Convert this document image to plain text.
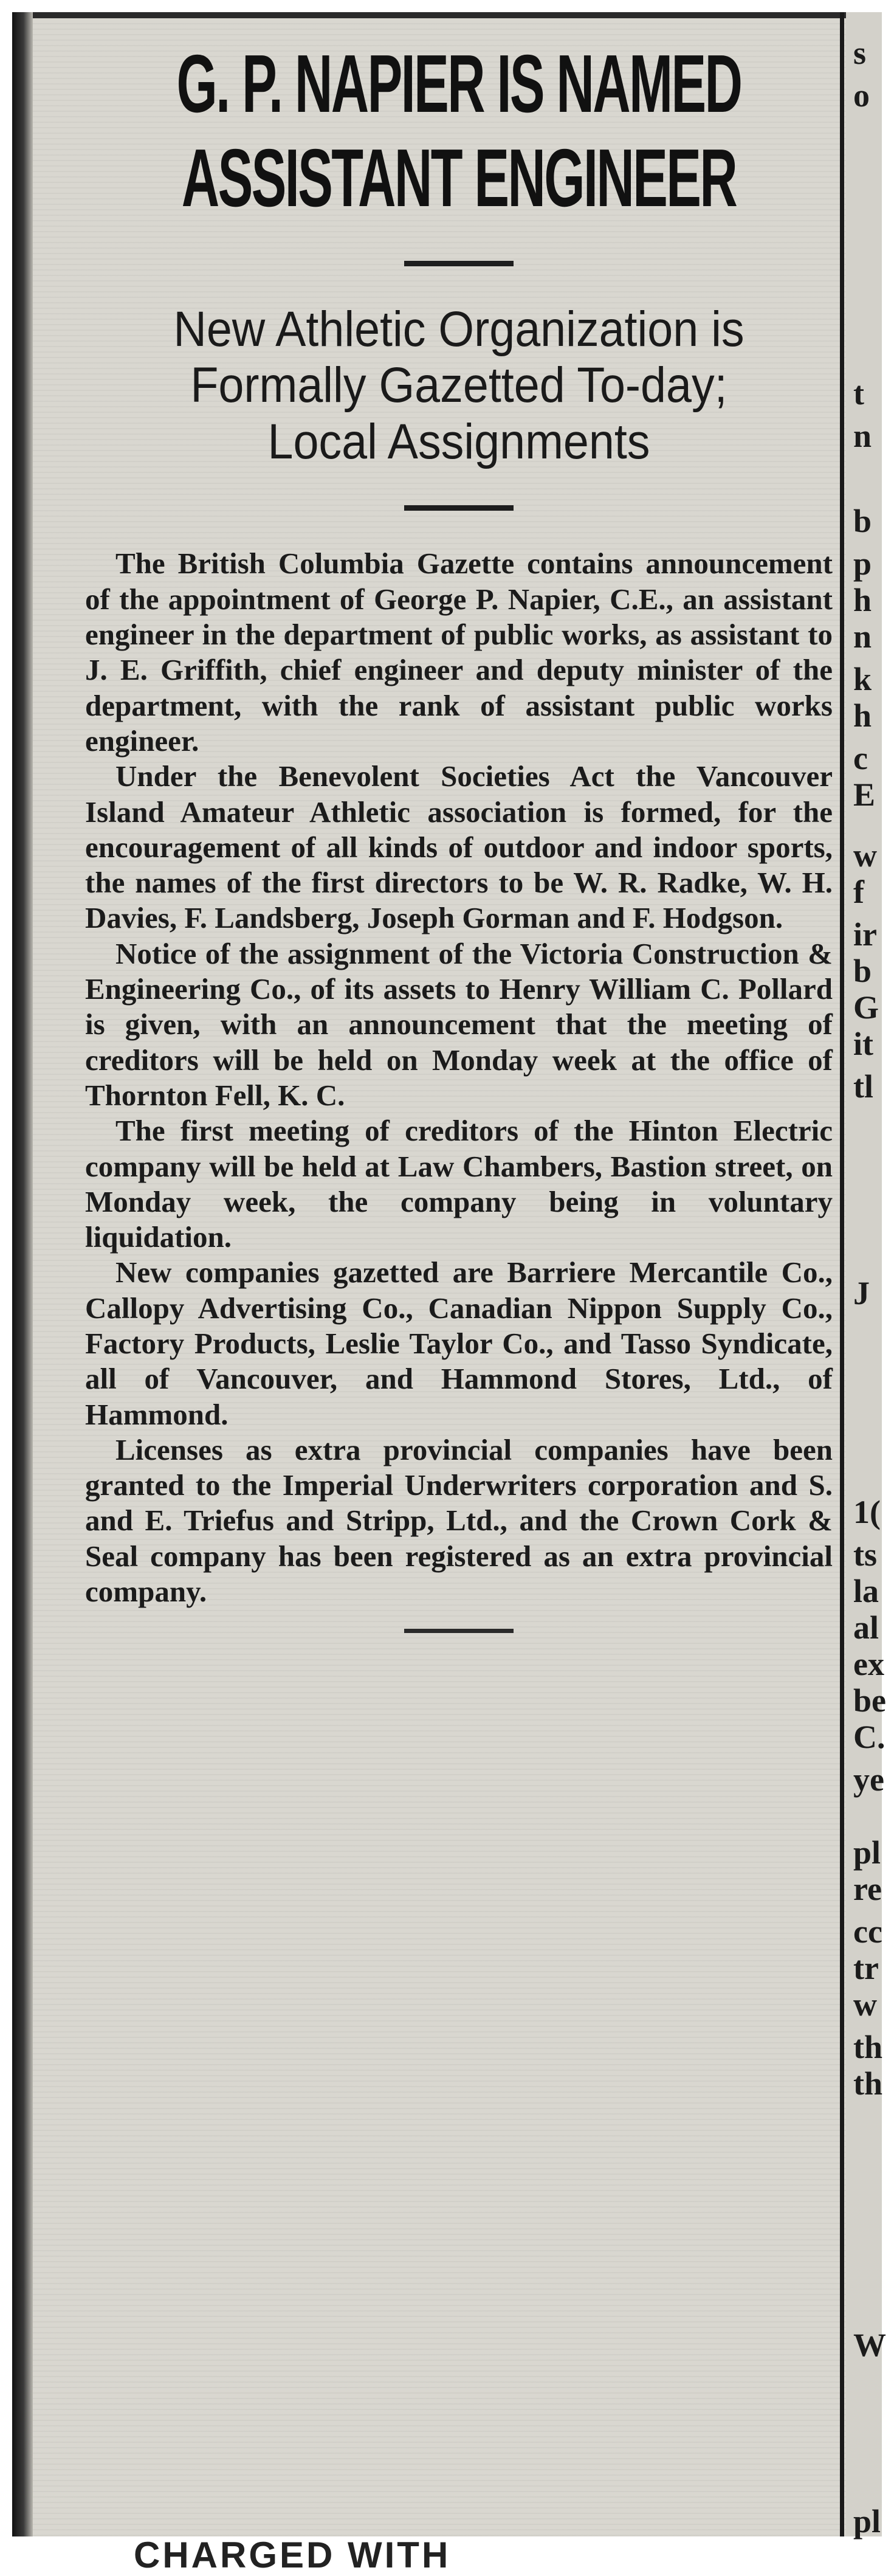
G. P. NAPIER IS NAMED
ASSISTANT ENGINEER
New Athletic Organization is
Formally Gazetted To-day;
Local Assignments

The British Columbia Gazette contains announcement of the appointment of George P. Napier, C.E., an assistant engineer in the department of public works, as assistant to J. E. Griffith, chief engineer and deputy minister of the department, with the rank of assistant public works engineer.

Under the Benevolent Societies Act the Vancouver Island Amateur Athletic association is formed, for the encouragement of all kinds of outdoor and indoor sports, the names of the first directors to be W. R. Radke, W. H. Davies, F. Landsberg, Joseph Gorman and F. Hodgson.

Notice of the assignment of the Victoria Construction & Engineering Co., of its assets to Henry William C. Pollard is given, with an announcement that the meeting of creditors will be held on Monday week at the office of Thornton Fell, K. C.

The first meeting of creditors of the Hinton Electric company will be held at Law Chambers, Bastion street, on Monday week, the company being in voluntary liquidation.

New companies gazetted are Barriere Mercantile Co., Callopy Advertising Co., Canadian Nippon Supply Co., Factory Products, Leslie Taylor Co., and Tasso Syndicate, all of Vancouver, and Hammond Stores, Ltd., of Hammond.

Licenses as extra provincial companies have been granted to the Imperial Underwriters corporation and S. and E. Triefus and Stripp, Ltd., and the Crown Cork & Seal company has been registered as an extra provincial company.

CHARGED WITH
s
o
t
n
b
p
h
n
k
h
c
E
w
f
ir
b
G
it
tl
J
1(
ts
la
al
ex
be
C.
ye
pl
re
cc
tr
w
th
th
W
pl
